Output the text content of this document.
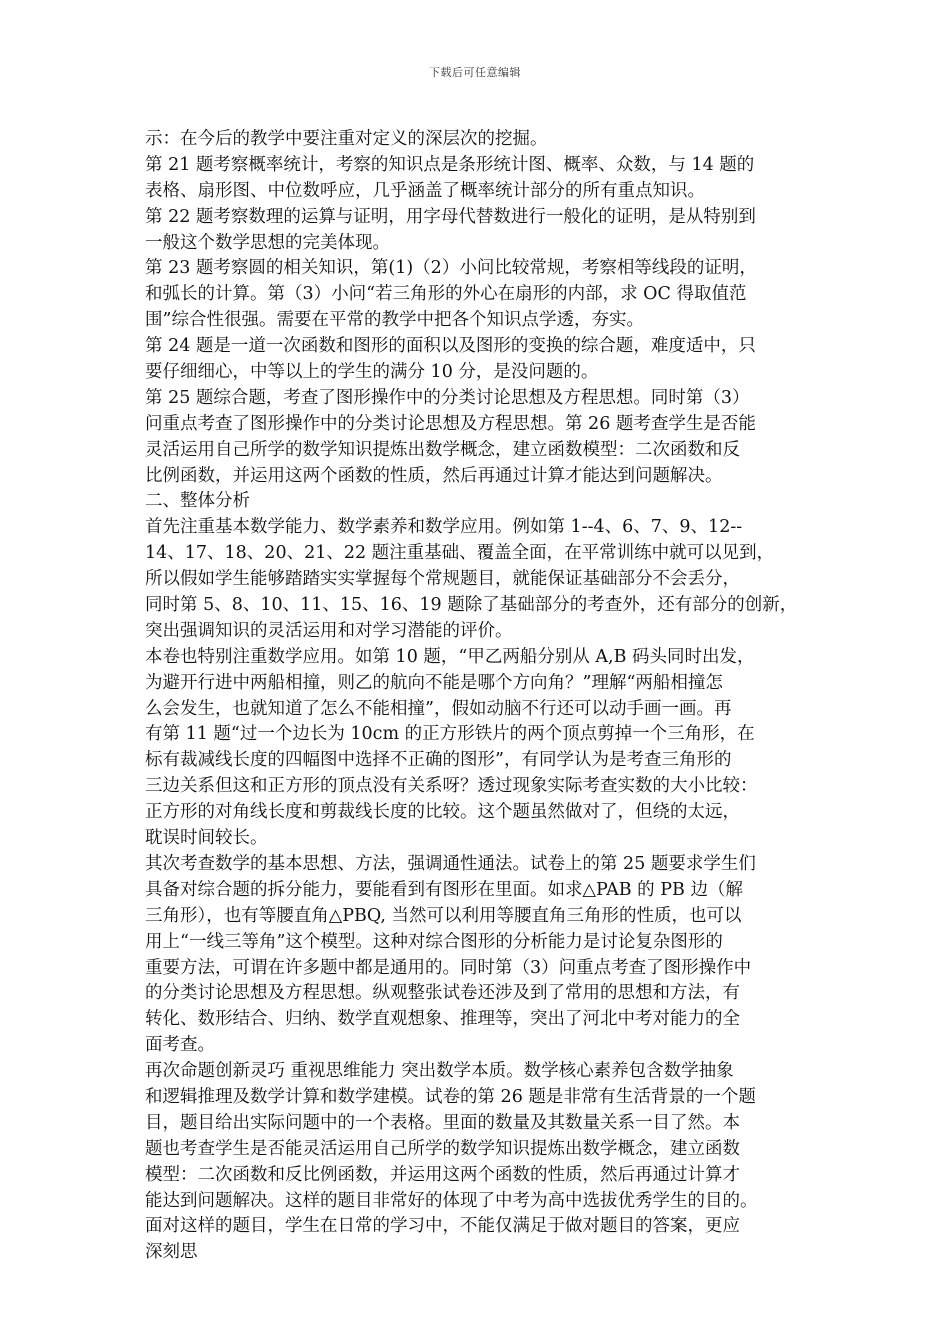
下载后可任意编辑
示：在今后的教学中要注重对定义的深层次的挖掘。
第 21 题考察概率统计，考察的知识点是条形统计图、概率、众数，与 14 题的
表格、扇形图、中位数呼应，几乎涵盖了概率统计部分的所有重点知识。
第 22 题考察数理的运算与证明，用字母代替数进行一般化的证明，是从特别到
一般这个数学思想的完美体现。
第 23 题考察圆的相关知识，第(1)（2）小问比较常规，考察相等线段的证明，
和弧长的计算。第（3）小问“若三角形的外心在扇形的内部，求 OC 得取值范
围”综合性很强。需要在平常的教学中把各个知识点学透，夯实。
第 24 题是一道一次函数和图形的面积以及图形的变换的综合题，难度适中，只
要仔细细心，中等以上的学生的满分 10 分，是没问题的。
第 25 题综合题，考查了图形操作中的分类讨论思想及方程思想。同时第（3）
问重点考查了图形操作中的分类讨论思想及方程思想。第 26 题考查学生是否能
灵活运用自己所学的数学知识提炼出数学概念，建立函数模型：二次函数和反
比例函数，并运用这两个函数的性质，然后再通过计算才能达到问题解决。
二、整体分析
首先注重基本数学能力、数学素养和数学应用。例如第 1--4、6、7、9、12--
14、17、18、20、21、22 题注重基础、覆盖全面，在平常训练中就可以见到，
所以假如学生能够踏踏实实掌握每个常规题目，就能保证基础部分不会丢分，
同时第 5、8、10、11、15、16、19 题除了基础部分的考查外，还有部分的创新，
突出强调知识的灵活运用和对学习潜能的评价。
本卷也特别注重数学应用。如第 10 题，“甲乙两船分别从 A,B 码头同时出发，
为避开行进中两船相撞，则乙的航向不能是哪个方向角？”理解“两船相撞怎
么会发生，也就知道了怎么不能相撞”，假如动脑不行还可以动手画一画。再
有第 11 题“过一个边长为 10cm 的正方形铁片的两个顶点剪掉一个三角形，在
标有裁减线长度的四幅图中选择不正确的图形”，有同学认为是考查三角形的
三边关系但这和正方形的顶点没有关系呀？透过现象实际考查实数的大小比较：
正方形的对角线长度和剪裁线长度的比较。这个题虽然做对了，但绕的太远，
耽误时间较长。
其次考查数学的基本思想、方法，强调通性通法。试卷上的第 25 题要求学生们
具备对综合题的拆分能力，要能看到有图形在里面。如求△PAB 的 PB 边（解
三角形），也有等腰直角△PBQ, 当然可以利用等腰直角三角形的性质，也可以
用上“一线三等角”这个模型。这种对综合图形的分析能力是讨论复杂图形的
重要方法，可谓在许多题中都是通用的。同时第（3）问重点考查了图形操作中
的分类讨论思想及方程思想。纵观整张试卷还涉及到了常用的思想和方法，有
转化、数形结合、归纳、数学直观想象、推理等，突出了河北中考对能力的全
面考查。
再次命题创新灵巧 重视思维能力 突出数学本质。数学核心素养包含数学抽象
和逻辑推理及数学计算和数学建模。试卷的第 26 题是非常有生活背景的一个题
目，题目给出实际问题中的一个表格。里面的数量及其数量关系一目了然。本
题也考查学生是否能灵活运用自己所学的数学知识提炼出数学概念，建立函数
模型：二次函数和反比例函数，并运用这两个函数的性质，然后再通过计算才
能达到问题解决。这样的题目非常好的体现了中考为高中选拔优秀学生的目的。
面对这样的题目，学生在日常的学习中，不能仅满足于做对题目的答案，更应
深刻思
